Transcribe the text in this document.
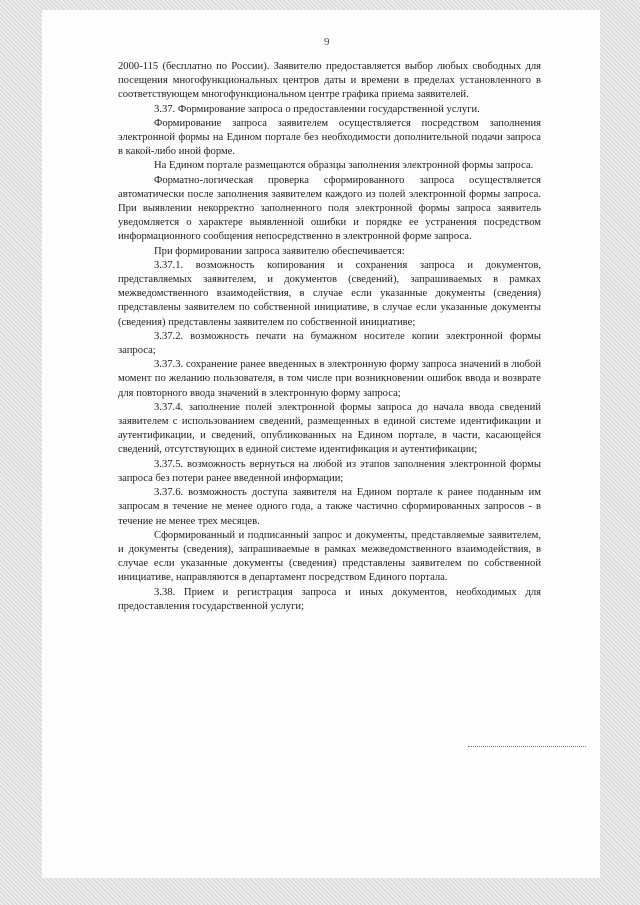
9

2000-115 (бесплатно по России). Заявителю предоставляется выбор любых свободных для посещения многофункциональных центров даты и времени в пределах установленного в соответствующем многофункциональном центре графика приема заявителей.

3.37. Формирование запроса о предоставлении государственной услуги.

Формирование запроса заявителем осуществляется посредством заполнения электронной формы на Едином портале без необходимости дополнительной подачи запроса в какой-либо иной форме.

На Едином портале размещаются образцы заполнения электронной формы запроса.

Форматно-логическая проверка сформированного запроса осуществляется автоматически после заполнения заявителем каждого из полей электронной формы запроса. При выявлении некорректно заполненного поля электронной формы запроса заявитель уведомляется о характере выявленной ошибки и порядке ее устранения посредством информационного сообщения непосредственно в электронной форме запроса.

При формировании запроса заявителю обеспечивается:

3.37.1. возможность копирования и сохранения запроса и документов, представляемых заявителем, и документов (сведений), запрашиваемых в рамках межведомственного взаимодействия, в случае если указанные документы (сведения) представлены заявителем по собственной инициативе, в случае если указанные документы (сведения) представлены заявителем по собственной инициативе;

3.37.2. возможность печати на бумажном носителе копии электронной формы запроса;

3.37.3. сохранение ранее введенных в электронную форму запроса значений в любой момент по желанию пользователя, в том числе при возникновении ошибок ввода и возврате для повторного ввода значений в электронную форму запроса;

3.37.4. заполнение полей электронной формы запроса до начала ввода сведений заявителем с использованием сведений, размещенных в единой системе идентификации и аутентификации, и сведений, опубликованных на Едином портале, в части, касающейся сведений, отсутствующих в единой системе идентификация и аутентификации;

3.37.5. возможность вернуться на любой из этапов заполнения электронной формы запроса без потери ранее введенной информации;

3.37.6. возможность доступа заявителя на Едином портале к ранее поданным им запросам в течение не менее одного года, а также частично сформированных запросов - в течение не менее трех месяцев.

Сформированный и подписанный запрос и документы, представляемые заявителем, и документы (сведения), запрашиваемые в рамках межведомственного взаимодействия, в случае если указанные документы (сведения) представлены заявителем по собственной инициативе, направляются в департамент посредством Единого портала.

3.38. Прием и регистрация запроса и иных документов, необходимых для предоставления государственной услуги;
